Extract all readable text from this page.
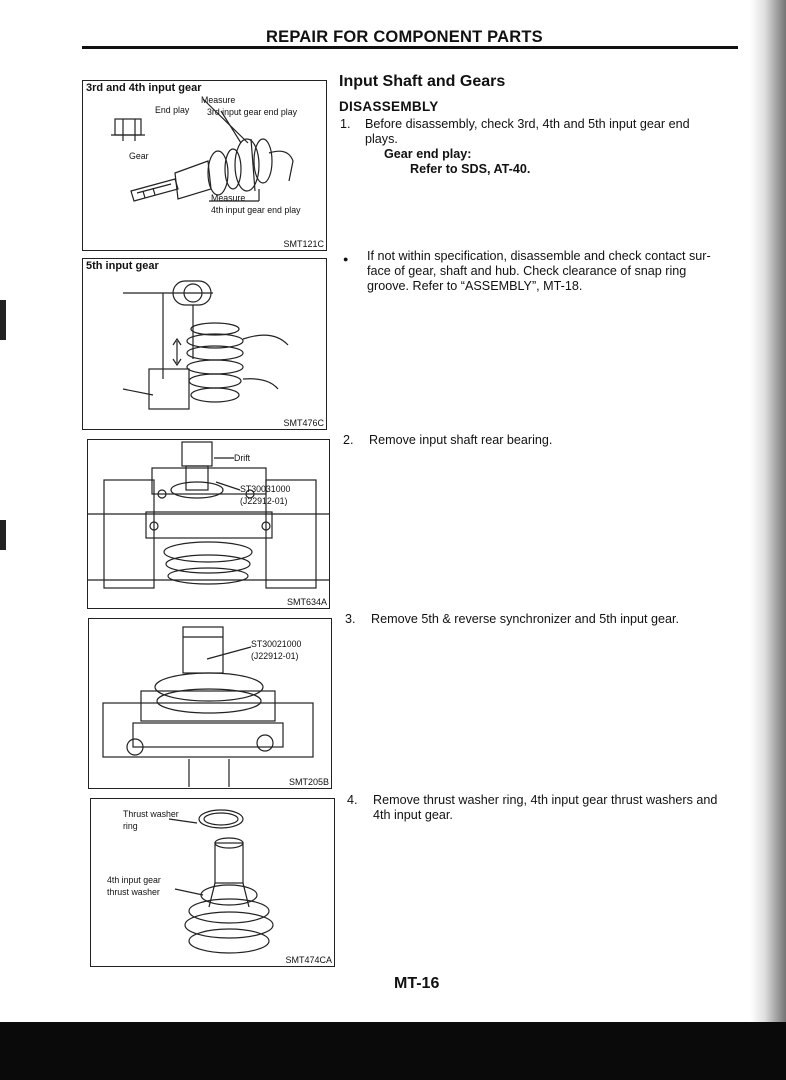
REPAIR FOR COMPONENT PARTS
3rd and 4th input gear
Measure
End play 3rd input gear end play
Gear
Measure
4th input gear end play
SMT121C
5th input gear
SMT476C
Drift
ST30031000
(J22912-01)
SMT634A
ST30021000
(J22912-01)
SMT205B
Thrust washer
ring
4th input gear
thrust washer
SMT474CA
Input Shaft and Gears
DISASSEMBLY
1. Before disassembly, check 3rd, 4th and 5th input gear end
plays.
Gear end play:
Refer to SDS, AT-40.
● If not within specification, disassemble and check contact sur-
face of gear, shaft and hub. Check clearance of snap ring
groove. Refer to “ASSEMBLY”, MT-18.
2. Remove input shaft rear bearing.
3. Remove 5th & reverse synchronizer and 5th input gear.
4. Remove thrust washer ring, 4th input gear thrust washers and
4th input gear.
MT-16
